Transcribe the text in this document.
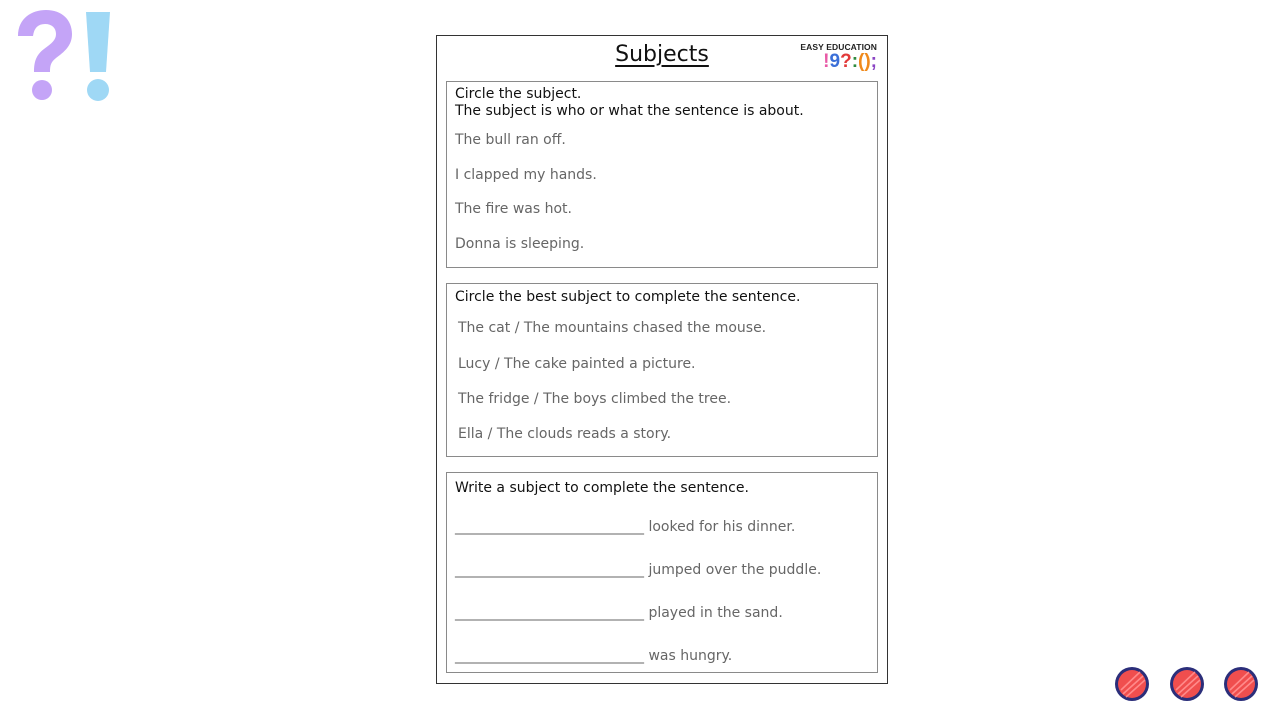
Subjects	EASY EDUCATION
!9?:();
Circle the subject.
The subject is who or what the sentence is about.
The bull ran off.
I clapped my hands.
The fire was hot.
Donna is sleeping.
Circle the best subject to complete the sentence.
The cat / The mountains chased the mouse.
Lucy / The cake painted a picture.
The fridge / The boys climbed the tree.
Ella / The clouds reads a story.
Write a subject to complete the sentence.
___________________________ looked for his dinner.
___________________________ jumped over the puddle.
___________________________ played in the sand.
___________________________ was hungry.
